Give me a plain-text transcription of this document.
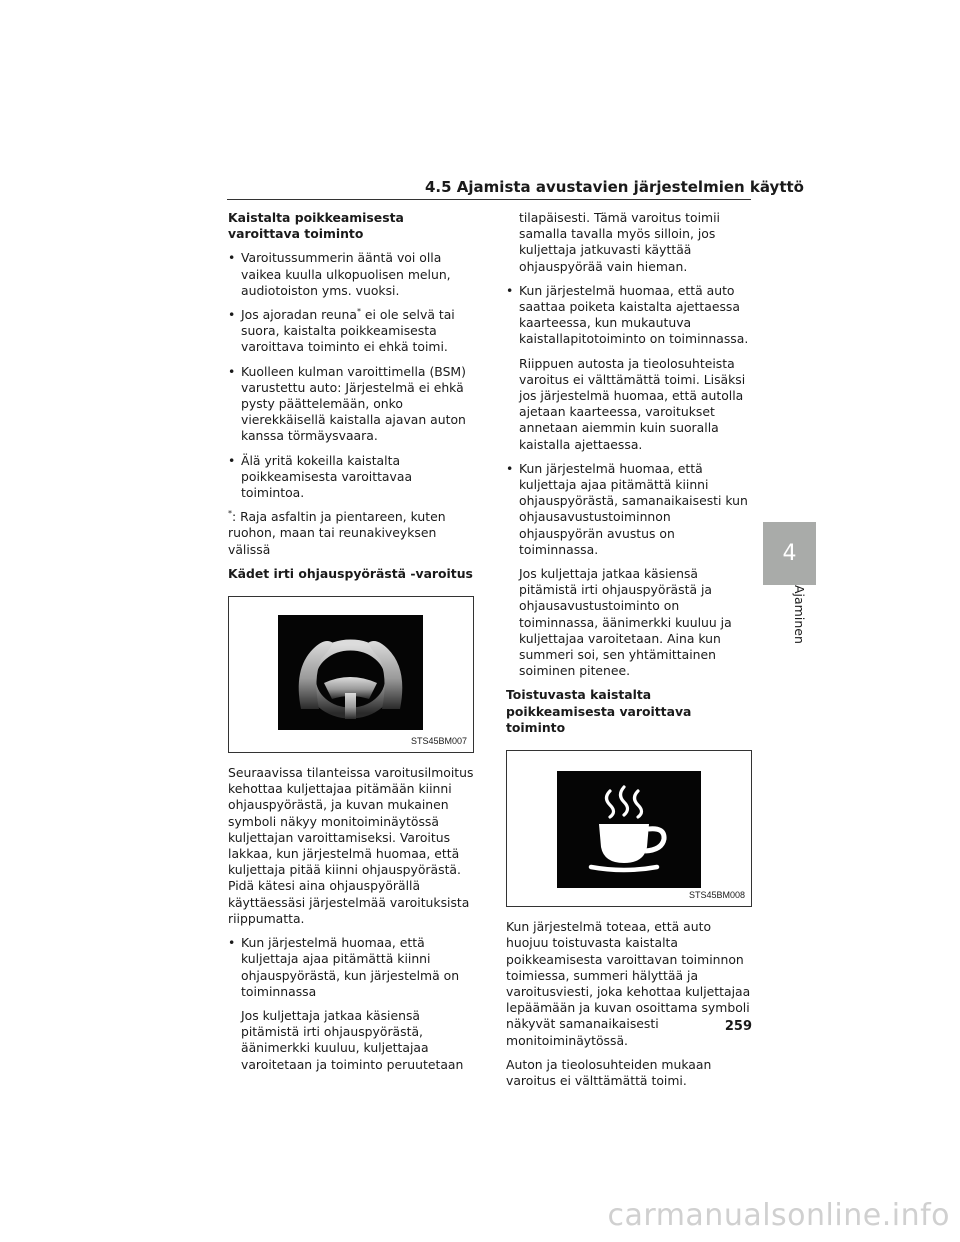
4.5 Ajamista avustavien järjestelmien käyttö

Kaistalta poikkeamisesta varoittava toiminto

• Varoitussummerin ääntä voi olla vaikea kuulla ulkopuolisen melun, audiotoiston yms. vuoksi.
• Jos ajoradan reuna* ei ole selvä tai suora, kaistalta poikkeamisesta varoittava toiminto ei ehkä toimi.
• Kuolleen kulman varoittimella (BSM) varustettu auto: Järjestelmä ei ehkä pysty päättelemään, onko vierekkäisellä kaistalla ajavan auton kanssa törmäysvaara.
• Älä yritä kokeilla kaistalta poikkeamisesta varoittavaa toimintoa.

*: Raja asfaltin ja pientareen, kuten ruohon, maan tai reunakiveyksen välissä

Kädet irti ohjauspyörästä -varoitus

STS45BM007

Seuraavissa tilanteissa varoitusilmoitus kehottaa kuljettajaa pitämään kiinni ohjauspyörästä, ja kuvan mukainen symboli näkyy monitoiminäytössä kuljettajan varoittamiseksi. Varoitus lakkaa, kun järjestelmä huomaa, että kuljettaja pitää kiinni ohjauspyörästä. Pidä kätesi aina ohjauspyörällä käyttäessäsi järjestelmää varoituksista riippumatta.

• Kun järjestelmä huomaa, että kuljettaja ajaa pitämättä kiinni ohjauspyörästä, kun järjestelmä on toiminnassa
Jos kuljettaja jatkaa käsiensä pitämistä irti ohjauspyörästä, äänimerkki kuuluu, kuljettajaa varoitetaan ja toiminto peruutetaan
tilapäisesti. Tämä varoitus toimii samalla tavalla myös silloin, jos kuljettaja jatkuvasti käyttää ohjauspyörää vain hieman.
• Kun järjestelmä huomaa, että auto saattaa poiketa kaistalta ajettaessa kaarteessa, kun mukautuva kaistallapitotoiminto on toiminnassa.
Riippuen autosta ja tieolosuhteista varoitus ei välttämättä toimi. Lisäksi jos järjestelmä huomaa, että autolla ajetaan kaarteessa, varoitukset annetaan aiemmin kuin suoralla kaistalla ajettaessa.
• Kun järjestelmä huomaa, että kuljettaja ajaa pitämättä kiinni ohjauspyörästä, samanaikaisesti kun ohjausavustustoiminnon ohjauspyörän avustus on toiminnassa.
Jos kuljettaja jatkaa käsiensä pitämistä irti ohjauspyörästä ja ohjausavustustoiminto on toiminnassa, äänimerkki kuuluu ja kuljettajaa varoitetaan. Aina kun summeri soi, sen yhtämittainen soiminen pitenee.

Toistuvasta kaistalta poikkeamisesta varoittava toiminto

STS45BM008

Kun järjestelmä toteaa, että auto huojuu toistuvasta kaistalta poikkeamisesta varoittavan toiminnon toimiessa, summeri hälyttää ja varoitusviesti, joka kehottaa kuljettajaa lepäämään ja kuvan osoittama symboli näkyvät samanaikaisesti monitoiminäytössä.

Auton ja tieolosuhteiden mukaan varoitus ei välttämättä toimi.

4
Ajaminen
259
carmanualsonline.info
